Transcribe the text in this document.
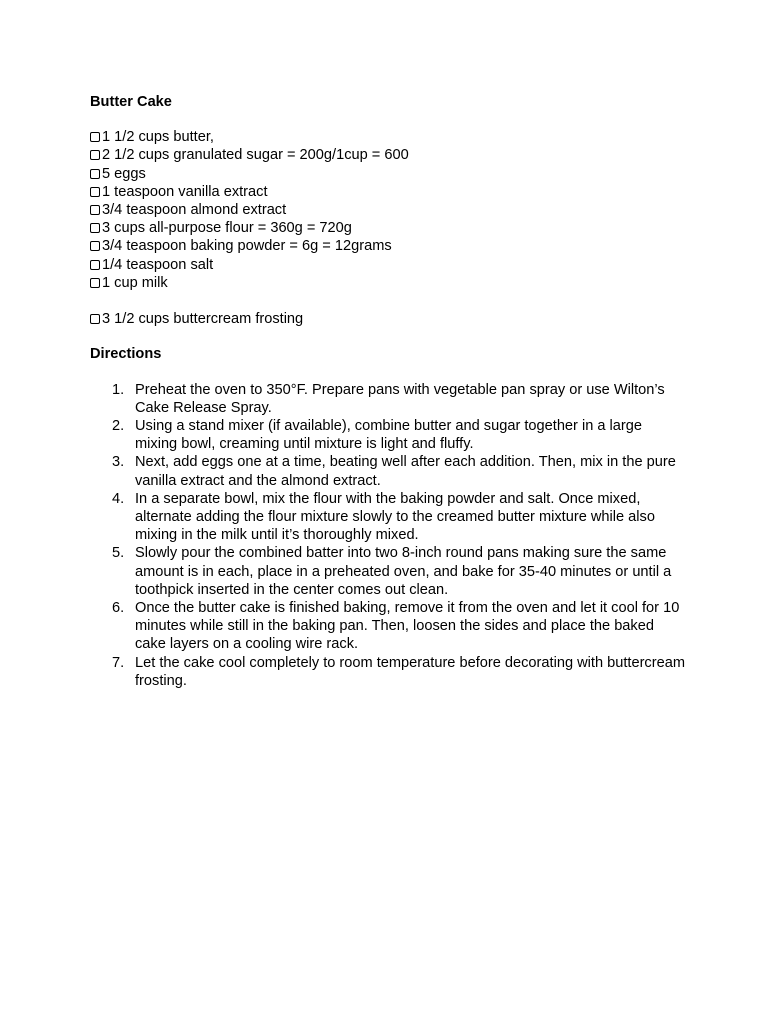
Butter Cake
1 1/2 cups butter,
2 1/2 cups granulated sugar = 200g/1cup = 600
5 eggs
1 teaspoon vanilla extract
3/4 teaspoon almond extract
3 cups all-purpose flour = 360g = 720g
3/4 teaspoon baking powder = 6g = 12grams
1/4 teaspoon salt
1 cup milk
3 1/2 cups buttercream frosting
Directions
1. Preheat the oven to 350°F. Prepare pans with vegetable pan spray or use Wilton’s Cake Release Spray.
2. Using a stand mixer (if available), combine butter and sugar together in a large mixing bowl, creaming until mixture is light and fluffy.
3. Next, add eggs one at a time, beating well after each addition. Then, mix in the pure vanilla extract and the almond extract.
4. In a separate bowl, mix the flour with the baking powder and salt. Once mixed, alternate adding the flour mixture slowly to the creamed butter mixture while also mixing in the milk until it’s thoroughly mixed.
5. Slowly pour the combined batter into two 8-inch round pans making sure the same amount is in each, place in a preheated oven, and bake for 35-40 minutes or until a toothpick inserted in the center comes out clean.
6. Once the butter cake is finished baking, remove it from the oven and let it cool for 10 minutes while still in the baking pan. Then, loosen the sides and place the baked cake layers on a cooling wire rack.
7. Let the cake cool completely to room temperature before decorating with buttercream frosting.
